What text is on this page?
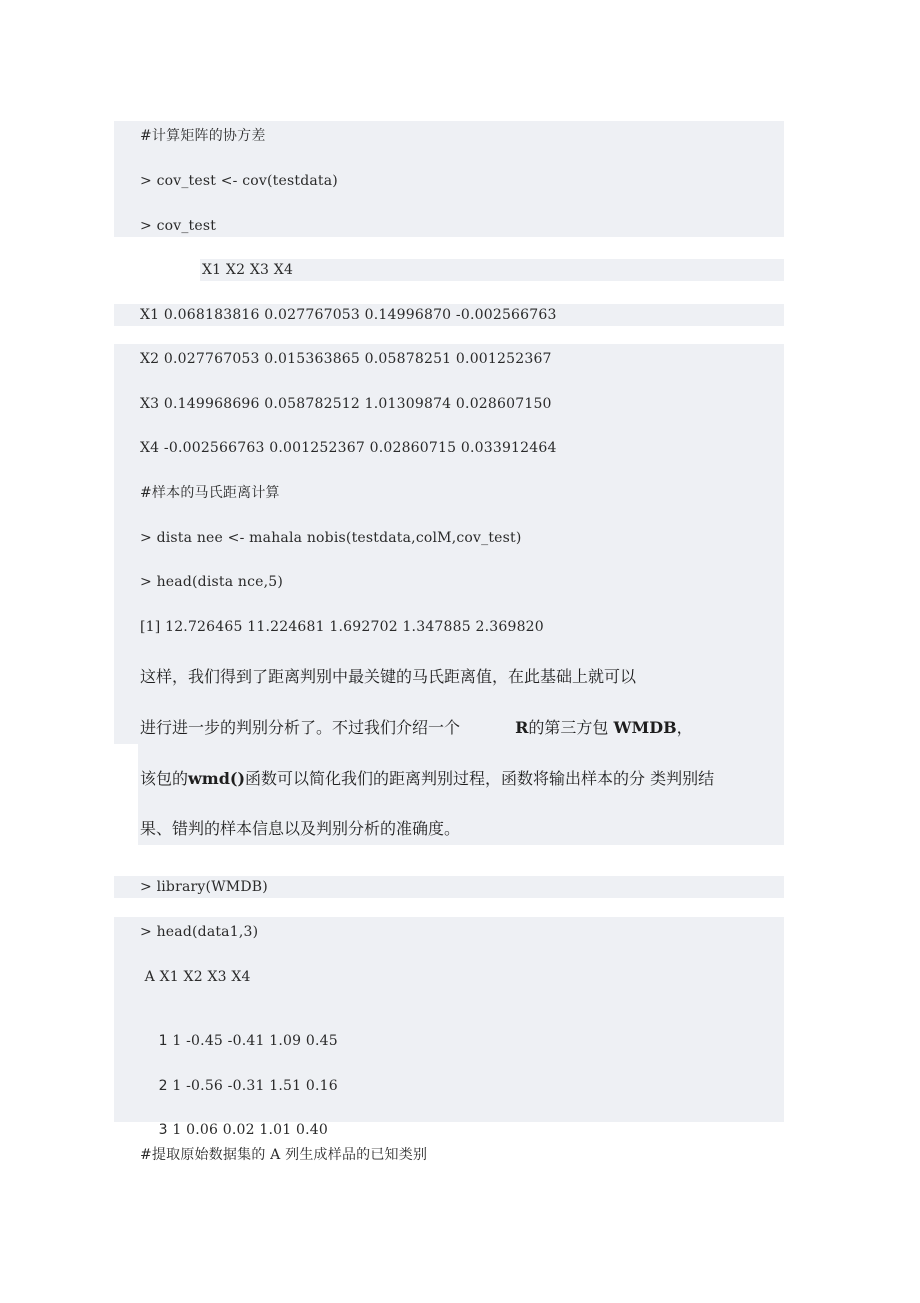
#计算矩阵的协方差
> cov_test <- cov(testdata)
> cov_test
X1 X2 X3 X4
X1 0.068183816 0.027767053 0.14996870 -0.002566763
X2 0.027767053 0.015363865 0.05878251 0.001252367
X3 0.149968696 0.058782512 1.01309874 0.028607150
X4 -0.002566763 0.001252367 0.02860715 0.033912464
#样本的马氏距离计算
> dista nee <- mahala nobis(testdata,colM,cov_test)
> head(dista nce,5)
[1] 12.726465 11.224681 1.692702 1.347885 2.369820
这样，我们得到了距离判别中最关键的马氏距离值，在此基础上就可以
进行进一步的判别分析了。不过我们介绍一个	R的第三方包 WMDB，
该包的wmd()函数可以简化我们的距离判别过程，函数将输出样本的分 类判别结
果、错判的样本信息以及判别分析的准确度。
> library(WMDB)
> head(data1,3)
A X1 X2 X3 X4

1 1 -0.45 -0.41 1.09 0.45

2 1 -0.56 -0.31 1.51 0.16

3 1 0.06 0.02 1.01 0.40

#提取原始数据集的 A 列生成样品的已知类别
